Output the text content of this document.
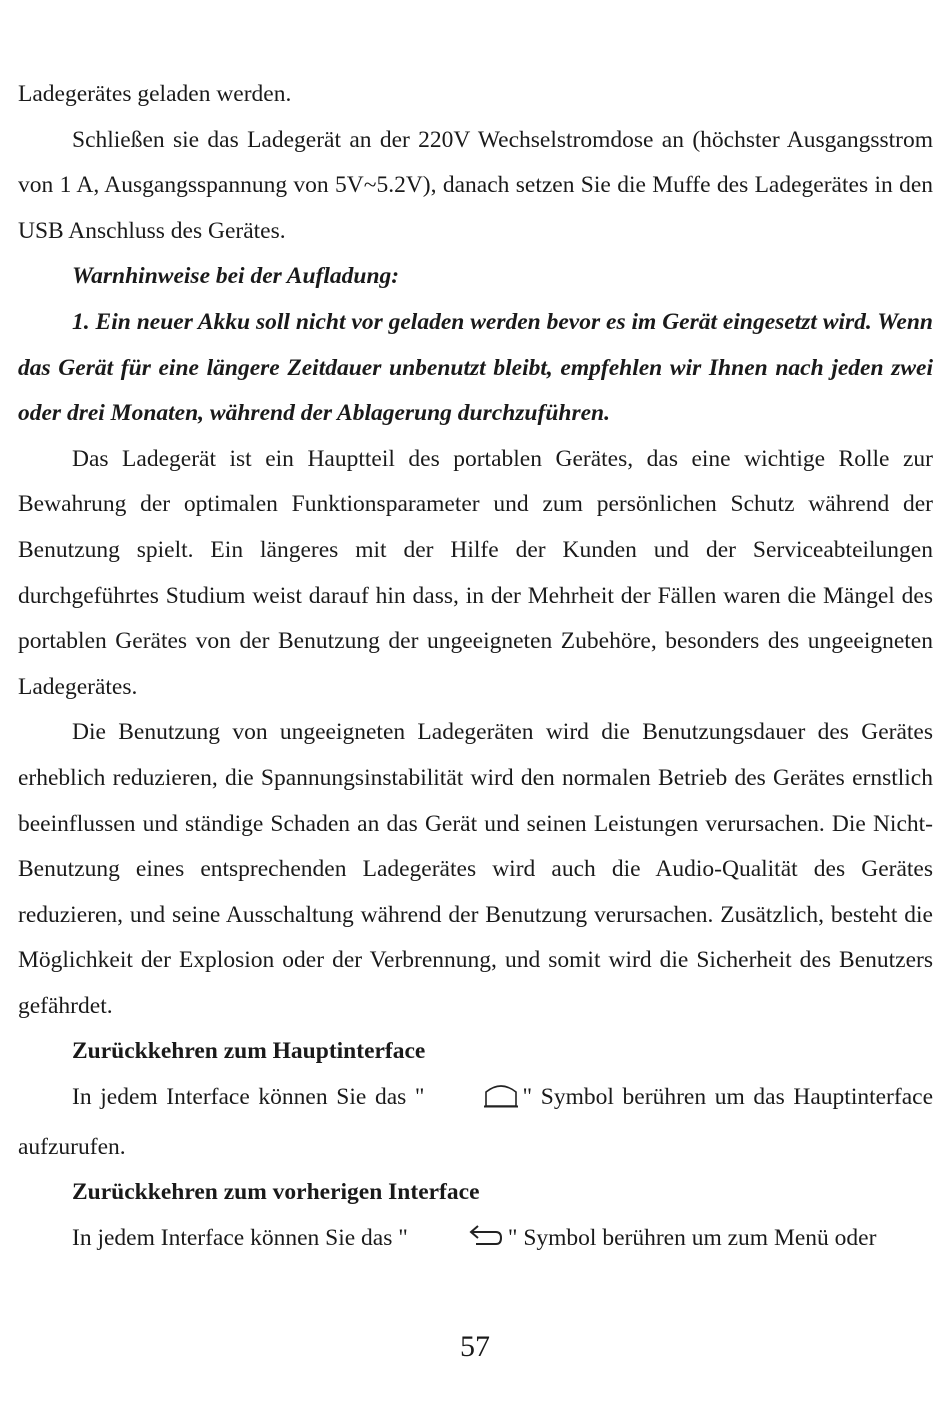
Ladegerätes geladen werden.

Schließen sie das Ladegerät an der 220V Wechselstromdose an (höchster Ausgangsstrom von 1 A, Ausgangsspannung von 5V~5.2V), danach setzen Sie die Muffe des Ladegerätes in den USB Anschluss des Gerätes.

Warnhinweise bei der Aufladung:

1. Ein neuer Akku soll nicht vor geladen werden bevor es im Gerät eingesetzt wird. Wenn das Gerät für eine längere Zeitdauer unbenutzt bleibt, empfehlen wir Ihnen nach jeden zwei oder drei Monaten, während der Ablagerung durchzuführen.

Das Ladegerät ist ein Hauptteil des portablen Gerätes, das eine wichtige Rolle zur Bewahrung der optimalen Funktionsparameter und zum persönlichen Schutz während der Benutzung spielt. Ein längeres mit der Hilfe der Kunden und der Serviceabteilungen durchgeführtes Studium weist darauf hin dass, in der Mehrheit der Fällen waren die Mängel des portablen Gerätes von der Benutzung der ungeeigneten Zubehöre, besonders des ungeeigneten Ladegerätes.

Die Benutzung von ungeeigneten Ladegeräten wird die Benutzungsdauer des Gerätes erheblich reduzieren, die Spannungsinstabilität wird den normalen Betrieb des Gerätes ernstlich beeinflussen und ständige Schaden an das Gerät und seinen Leistungen verursachen. Die Nicht-Benutzung eines entsprechenden Ladegerätes wird auch die Audio-Qualität des Gerätes reduzieren, und seine Ausschaltung während der Benutzung verursachen. Zusätzlich, besteht die Möglichkeit der Explosion oder der Verbrennung, und somit wird die Sicherheit des Benutzers gefährdet.

Zurückkehren zum Hauptinterface

In jedem Interface können Sie das "	" Symbol berühren um das Hauptinterface aufzurufen.

Zurückkehren zum vorherigen Interface

In jedem Interface können Sie das "	" Symbol berühren um zum Menü oder

57
